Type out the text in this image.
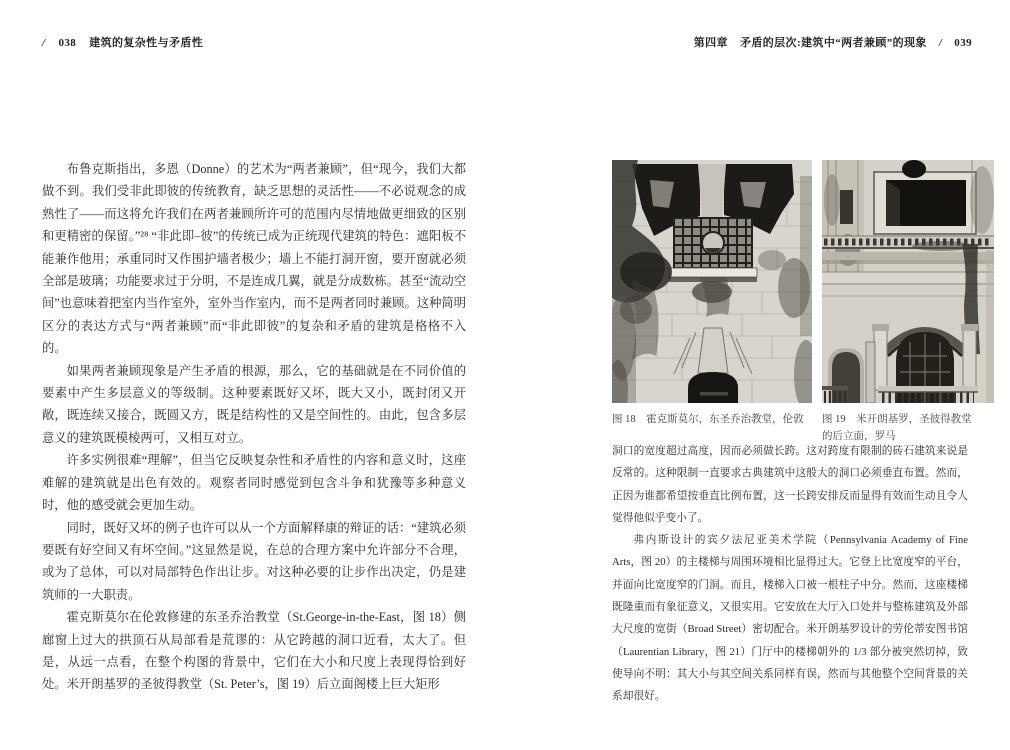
/ 038 建筑的复杂性与矛盾性	第四章 矛盾的层次:建筑中“两者兼顾”的现象 / 039

布鲁克斯指出，多恩（Donne）的艺术为“两者兼顾”，但“现今，我们大都做不到。我们受非此即彼的传统教育，缺乏思想的灵活性——不必说观念的成熟性了——而这将允许我们在两者兼顾所许可的范围内尽情地做更细致的区别和更精密的保留。”²⁸ “非此即–彼”的传统已成为正统现代建筑的特色：遮阳板不能兼作他用；承重同时又作围护墙者极少；墙上不能打洞开窗，要开窗就必须全部是玻璃；功能要求过于分明，不是连成几翼，就是分成数栋。甚至“流动空间”也意味着把室内当作室外，室外当作室内，而不是两者同时兼顾。这种简明区分的表达方式与“两者兼顾”而“非此即彼”的复杂和矛盾的建筑是格格不入的。

如果两者兼顾现象是产生矛盾的根源，那么，它的基础就是在不同价值的要素中产生多层意义的等级制。这种要素既好又坏，既大又小，既封闭又开敞，既连续又接合，既圆又方，既是结构性的又是空间性的。由此，包含多层意义的建筑既模棱两可，又相互对立。

许多实例很难“理解”，但当它反映复杂性和矛盾性的内容和意义时，这座难解的建筑就是出色有效的。观察者同时感觉到包含斗争和犹豫等多种意义时，他的感受就会更加生动。

同时，既好又坏的例子也许可以从一个方面解释康的辩证的话：“建筑必须要既有好空间又有坏空间。”这显然是说，在总的合理方案中允许部分不合理，或为了总体，可以对局部特色作出让步。对这种必要的让步作出决定，仍是建筑师的一大职责。

霍克斯莫尔在伦敦修建的东圣乔治教堂（St.George-in-the-East，图 18）侧廊窗上过大的拱顶石从局部看是荒谬的：从它跨越的洞口近看，太大了。但是，从远一点看，在整个构图的背景中，它们在大小和尺度上表现得恰到好处。米开朗基罗的圣彼得教堂（St. Peter’s，图 19）后立面阁楼上巨大矩形

图 18　霍克斯莫尔，东圣乔治教堂，伦敦	图 19　米开朗基罗，圣彼得教堂的后立面，罗马

洞口的宽度超过高度，因而必须做长跨。这对跨度有限制的砖石建筑来说是反常的。这种限制一直要求古典建筑中这般大的洞口必须垂直布置。然而，正因为谁都希望按垂直比例布置，这一长跨安排反而显得有效而生动且令人觉得他似乎变小了。

弗内斯设计的宾夕法尼亚美术学院（Pennsylvania Academy of Fine Arts，图 20）的主楼梯与周围环境相比显得过大。它登上比宽度窄的平台，并面向比宽度窄的门洞。而且，楼梯入口被一根柱子中分。然而，这座楼梯既隆重而有象征意义，又很实用。它安放在大厅入口处并与整栋建筑及外部大尺度的宽街（Broad Street）密切配合。米开朗基罗设计的劳伦蒂安图书馆（Laurentian Library，图 21）门厅中的楼梯朝外的 1/3 部分被突然切掉，致使导向不明：其大小与其空间关系同样有误，然而与其他整个空间背景的关系却很好。
